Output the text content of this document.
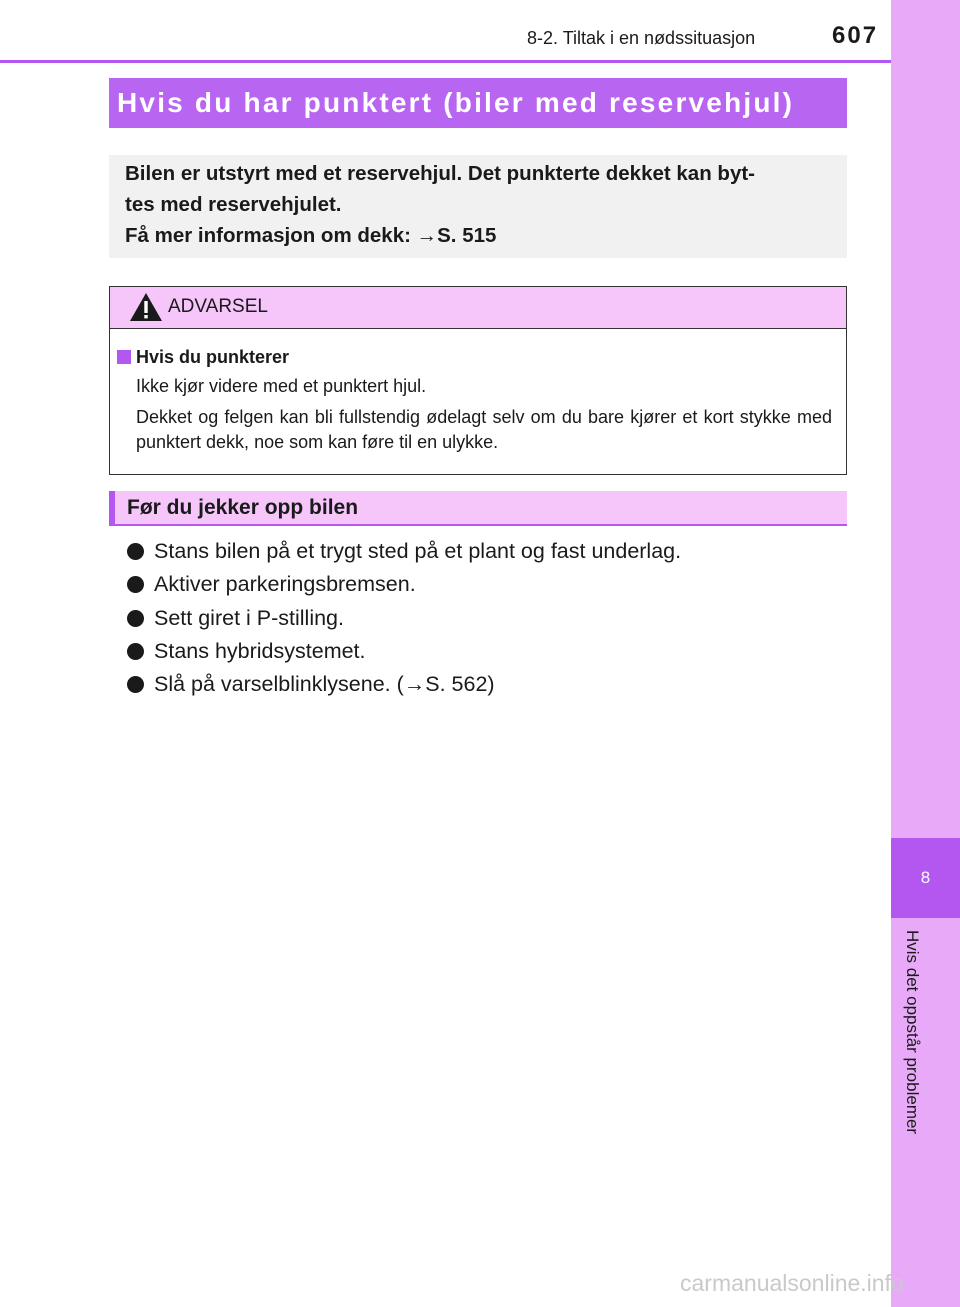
8
Hvis det oppstår problemer
8-2. Tiltak i en nødssituasjon	607
Hvis du har punktert (biler med reservehjul)
Bilen er utstyrt med et reservehjul. Det punkterte dekket kan byt-
tes med reservehjulet.
Få mer informasjon om dekk: →S. 515
ADVARSEL
Hvis du punkterer
Ikke kjør videre med et punktert hjul.
Dekket og felgen kan bli fullstendig ødelagt selv om du bare kjører et kort stykke med punktert dekk, noe som kan føre til en ulykke.
Før du jekker opp bilen
Stans bilen på et trygt sted på et plant og fast underlag.
Aktiver parkeringsbremsen.
Sett giret i P-stilling.
Stans hybridsystemet.
Slå på varselblinklysene. (→S. 562)
carmanualsonline.info
